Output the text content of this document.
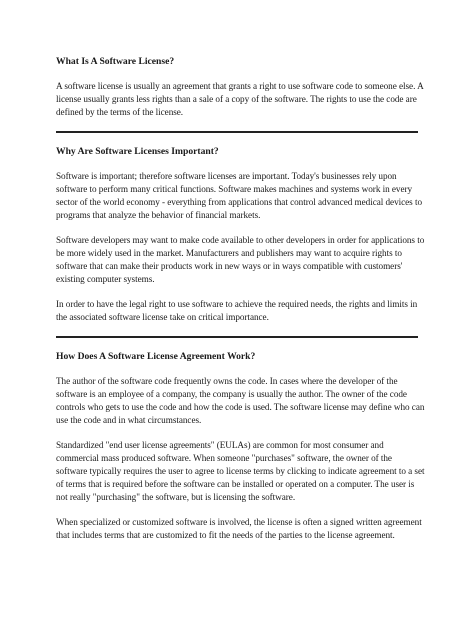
What Is A Software License?
A software license is usually an agreement that grants a right to use software code to someone else. A
license usually grants less rights than a sale of a copy of the software. The rights to use the code are
defined by the terms of the license.
Why Are Software Licenses Important?
Software is important; therefore software licenses are important. Today's businesses rely upon
software to perform many critical functions. Software makes machines and systems work in every
sector of the world economy - everything from applications that control advanced medical devices to
programs that analyze the behavior of financial markets.
Software developers may want to make code available to other developers in order for applications to
be more widely used in the market. Manufacturers and publishers may want to acquire rights to
software that can make their products work in new ways or in ways compatible with customers'
existing computer systems.
In order to have the legal right to use software to achieve the required needs, the rights and limits in
the associated software license take on critical importance.
How Does A Software License Agreement Work?
The author of the software code frequently owns the code. In cases where the developer of the
software is an employee of a company, the company is usually the author. The owner of the code
controls who gets to use the code and how the code is used. The software license may define who can
use the code and in what circumstances.
Standardized "end user license agreements" (EULAs) are common for most consumer and
commercial mass produced software. When someone "purchases" software, the owner of the
software typically requires the user to agree to license terms by clicking to indicate agreement to a set
of terms that is required before the software can be installed or operated on a computer. The user is
not really "purchasing" the software, but is licensing the software.
When specialized or customized software is involved, the license is often a signed written agreement
that includes terms that are customized to fit the needs of the parties to the license agreement.
